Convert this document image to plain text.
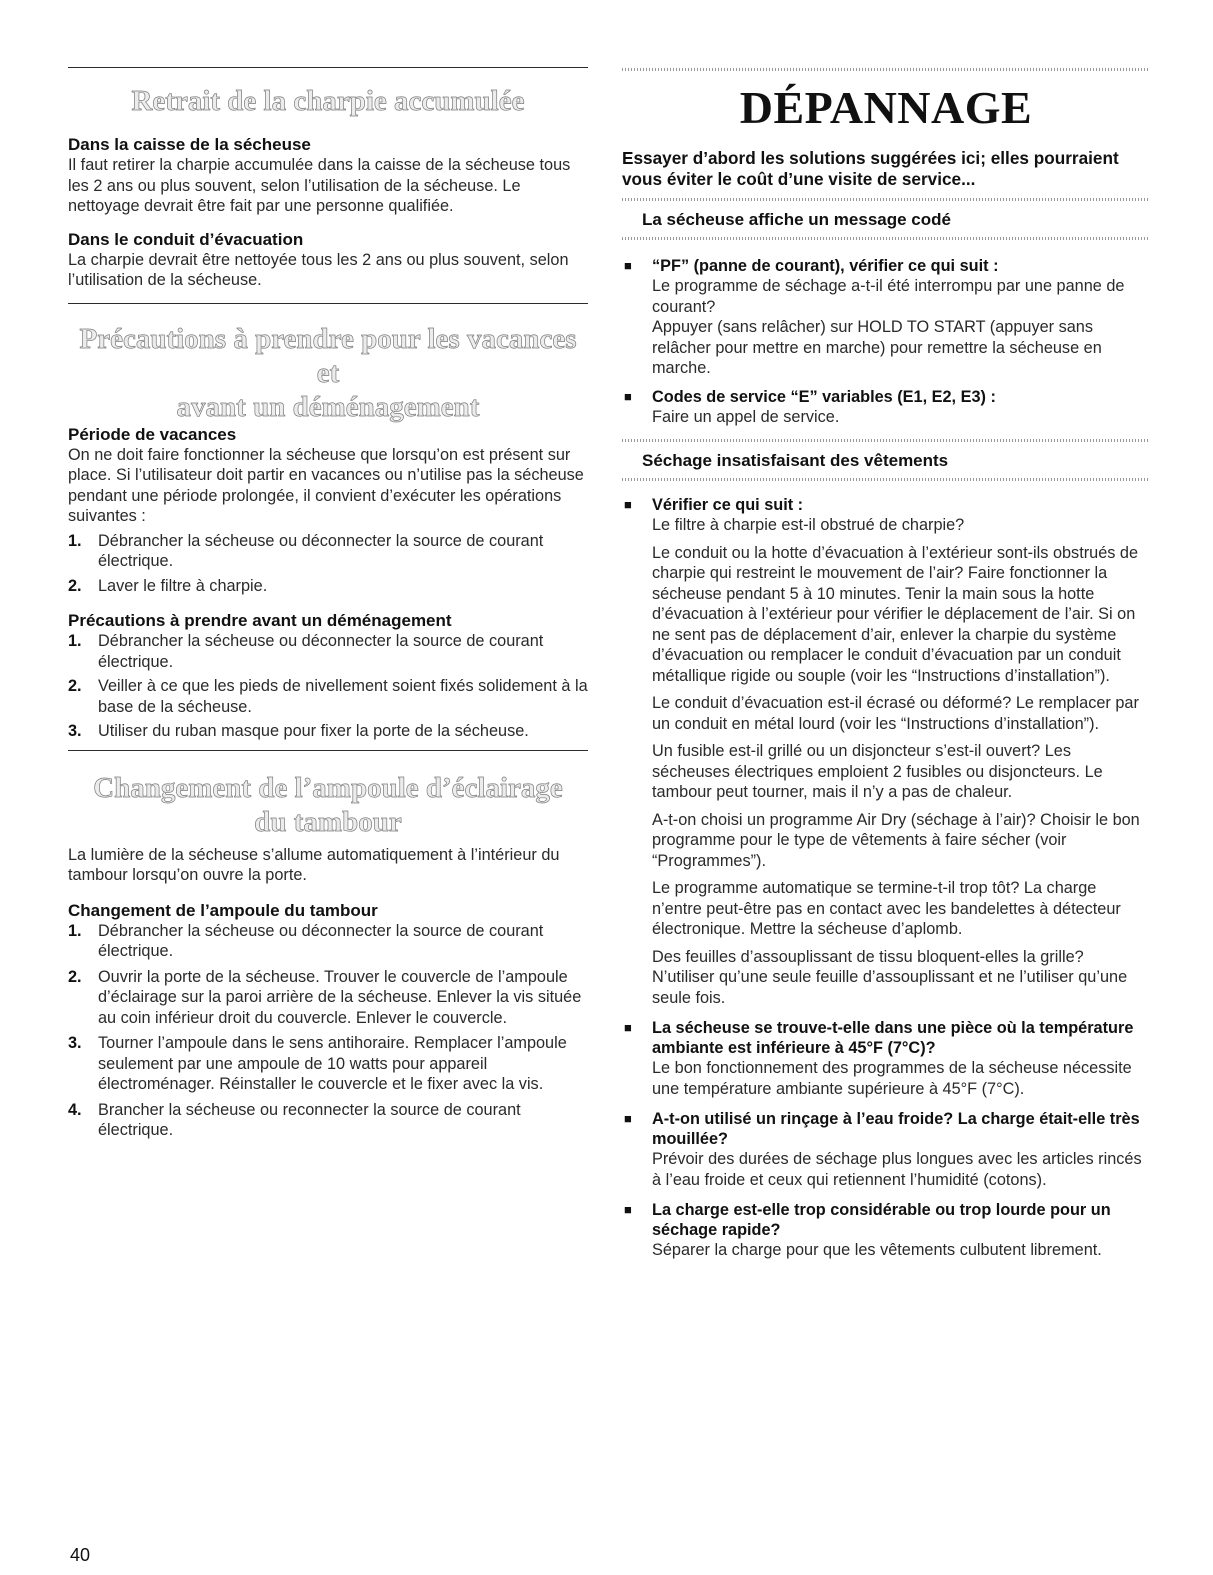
Retrait de la charpie accumulée

Dans la caisse de la sécheuse

Il faut retirer la charpie accumulée dans la caisse de la sécheuse tous les 2 ans ou plus souvent, selon l’utilisation de la sécheuse. Le nettoyage devrait être fait par une personne qualifiée.

Dans le conduit d’évacuation

La charpie devrait être nettoyée tous les 2 ans ou plus souvent, selon l’utilisation de la sécheuse.

Précautions à prendre pour les vacances et
avant un déménagement

Période de vacances

On ne doit faire fonctionner la sécheuse que lorsqu’on est présent sur place. Si l’utilisateur doit partir en vacances ou n’utilise pas la sécheuse pendant une période prolongée, il convient d’exécuter les opérations suivantes :

1.	Débrancher la sécheuse ou déconnecter la source de courant électrique.
2.	Laver le filtre à charpie.

Précautions à prendre avant un déménagement

1.	Débrancher la sécheuse ou déconnecter la source de courant électrique.
2.	Veiller à ce que les pieds de nivellement soient fixés solidement à la base de la sécheuse.
3.	Utiliser du ruban masque pour fixer la porte de la sécheuse.
Changement de l’ampoule d’éclairage
du tambour

La lumière de la sécheuse s’allume automatiquement à l’intérieur du tambour lorsqu’on ouvre la porte.

Changement de l’ampoule du tambour

1.	Débrancher la sécheuse ou déconnecter la source de courant électrique.
2.	Ouvrir la porte de la sécheuse. Trouver le couvercle de l’ampoule d’éclairage sur la paroi arrière de la sécheuse. Enlever la vis située au coin inférieur droit du couvercle. Enlever le couvercle.
3.	Tourner l’ampoule dans le sens antihoraire. Remplacer l’ampoule seulement par une ampoule de 10 watts pour appareil électroménager. Réinstaller le couvercle et le fixer avec la vis.
4.	Brancher la sécheuse ou reconnecter la source de courant électrique.
DÉPANNAGE

Essayer d’abord les solutions suggérées ici; elles pourraient vous éviter le coût d’une visite de service...

La sécheuse affiche un message codé

■	“PF” (panne de courant), vérifier ce qui suit :

Le programme de séchage a-t-il été interrompu par une panne de courant?

Appuyer (sans relâcher) sur HOLD TO START (appuyer sans relâcher pour mettre en marche) pour remettre la sécheuse en marche.

■	Codes de service “E” variables (E1, E2, E3) :

Faire un appel de service.

Séchage insatisfaisant des vêtements

■	Vérifier ce qui suit :

Le filtre à charpie est-il obstrué de charpie?

Le conduit ou la hotte d’évacuation à l’extérieur sont-ils obstrués de charpie qui restreint le mouvement de l’air? Faire fonctionner la sécheuse pendant 5 à 10 minutes. Tenir la main sous la hotte d’évacuation à l’extérieur pour vérifier le déplacement de l’air. Si on ne sent pas de déplacement d’air, enlever la charpie du système d’évacuation ou remplacer le conduit d’évacuation par un conduit métallique rigide ou souple (voir les “Instructions d’installation”).

Le conduit d’évacuation est-il écrasé ou déformé? Le remplacer par un conduit en métal lourd (voir les “Instructions d’installation”).

Un fusible est-il grillé ou un disjoncteur s’est-il ouvert? Les sécheuses électriques emploient 2 fusibles ou disjoncteurs. Le tambour peut tourner, mais il n’y a pas de chaleur.

A-t-on choisi un programme Air Dry (séchage à l’air)? Choisir le bon programme pour le type de vêtements à faire sécher (voir “Programmes”).

Le programme automatique se termine-t-il trop tôt? La charge n’entre peut-être pas en contact avec les bandelettes à détecteur électronique. Mettre la sécheuse d’aplomb.

Des feuilles d’assouplissant de tissu bloquent-elles la grille? N’utiliser qu’une seule feuille d’assouplissant et ne l’utiliser qu’une seule fois.

■	La sécheuse se trouve-t-elle dans une pièce où la température ambiante est inférieure à 45°F (7°C)?

Le bon fonctionnement des programmes de la sécheuse nécessite une température ambiante supérieure à 45°F (7°C).

■	A-t-on utilisé un rinçage à l’eau froide? La charge était-elle très mouillée?

Prévoir des durées de séchage plus longues avec les articles rincés à l’eau froide et ceux qui retiennent l’humidité (cotons).

■	La charge est-elle trop considérable ou trop lourde pour un séchage rapide?

Séparer la charge pour que les vêtements culbutent librement.

40
